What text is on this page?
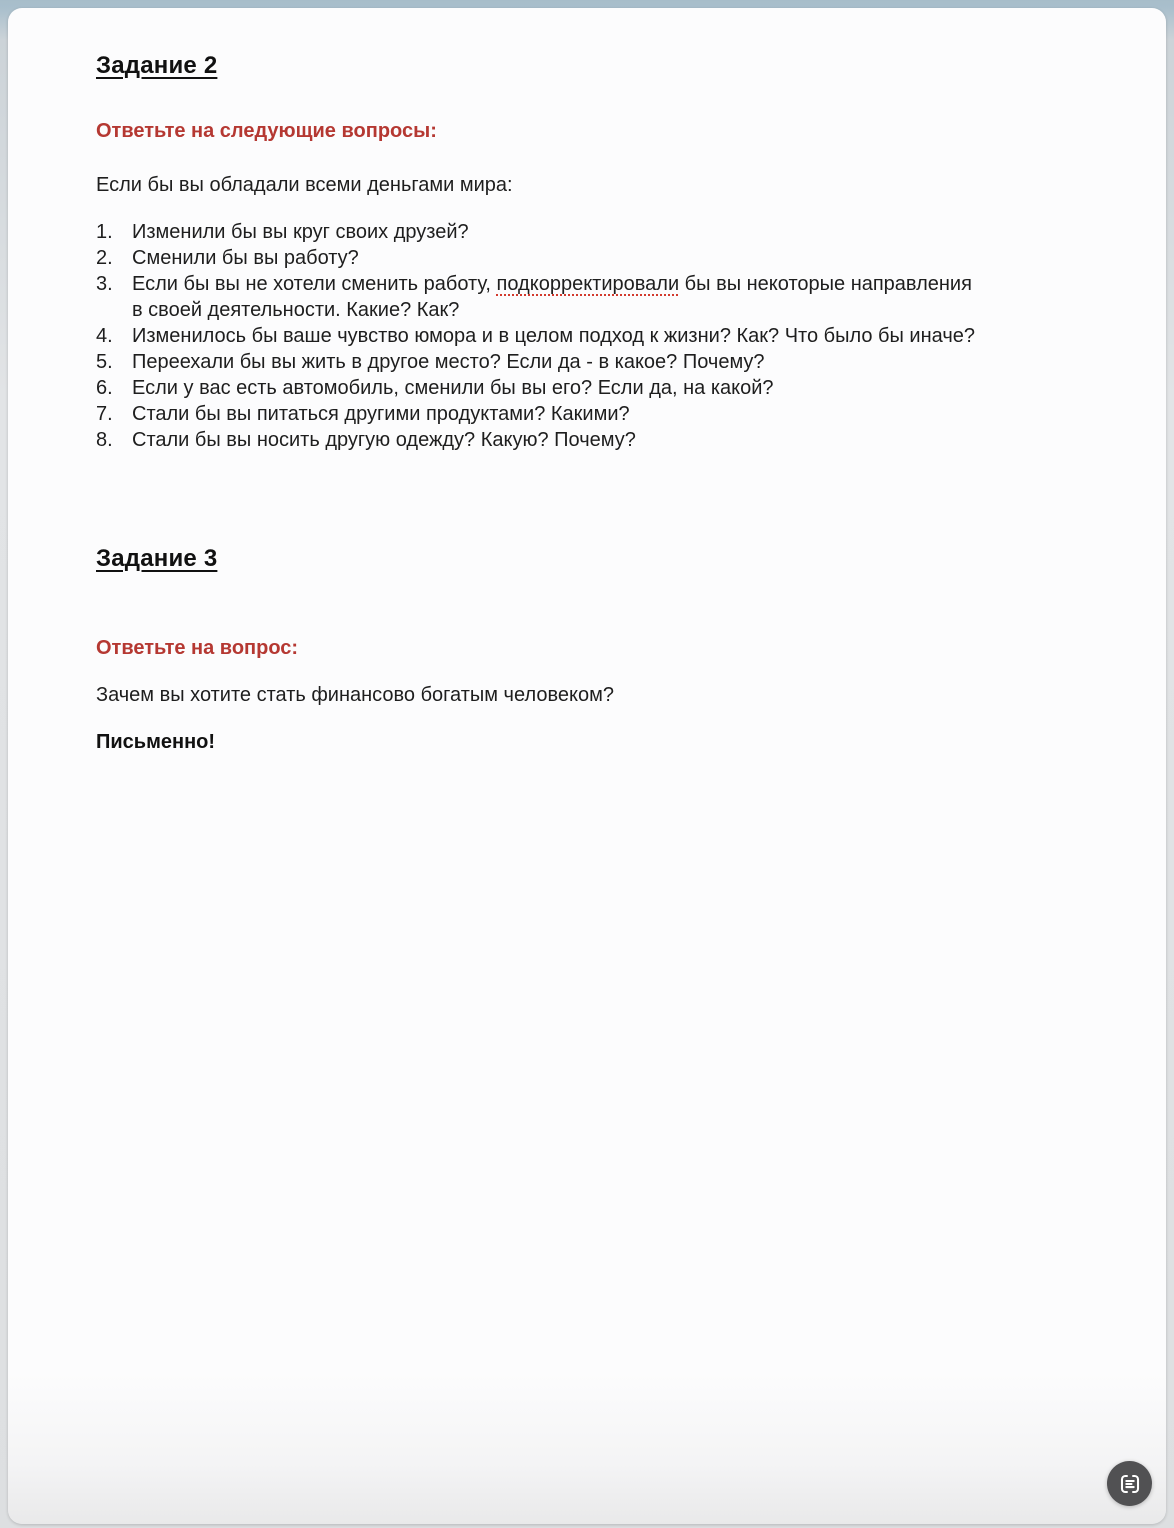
Задание 2

Ответьте на следующие вопросы:

Если бы вы обладали всеми деньгами мира:

1. Изменили бы вы круг своих друзей?
2. Сменили бы вы работу?
3. Если бы вы не хотели сменить работу, подкорректировали бы вы некоторые направления в своей деятельности. Какие? Как?
4. Изменилось бы ваше чувство юмора и в целом подход к жизни? Как? Что было бы иначе?
5. Переехали бы вы жить в другое место? Если да - в какое? Почему?
6. Если у вас есть автомобиль, сменили бы вы его? Если да, на какой?
7. Стали бы вы питаться другими продуктами? Какими?
8. Стали бы вы носить другую одежду? Какую? Почему?
Задание 3

Ответьте на вопрос:

Зачем вы хотите стать финансово богатым человеком?

Письменно!
